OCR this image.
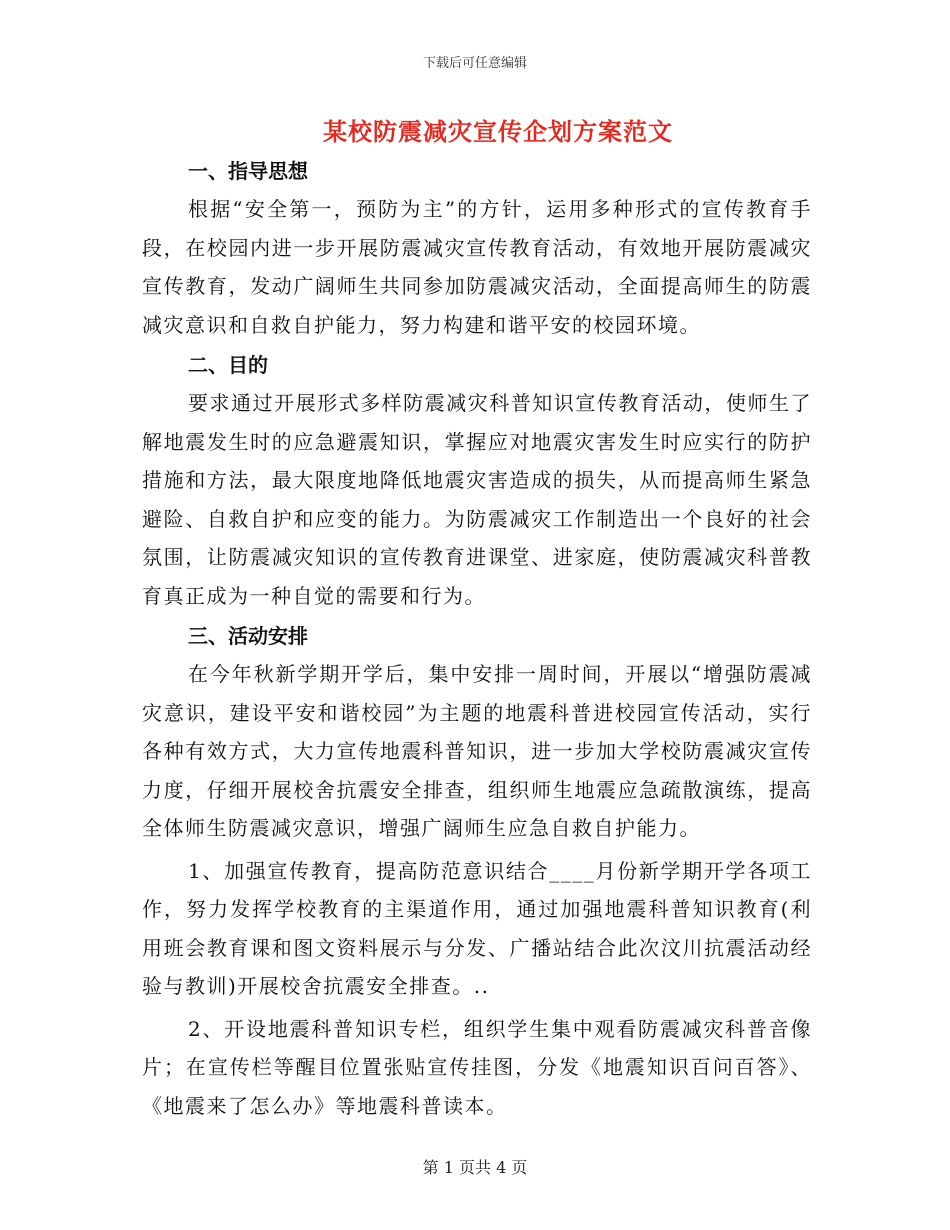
下载后可任意编辑
某校防震减灾宣传企划方案范文

一、指导思想

根据“安全第一，预防为主”的方针，运用多种形式的宣传教育手段，在校园内进一步开展防震减灾宣传教育活动，有效地开展防震减灾宣传教育，发动广阔师生共同参加防震减灾活动，全面提高师生的防震减灾意识和自救自护能力，努力构建和谐平安的校园环境。

二、目的

要求通过开展形式多样防震减灾科普知识宣传教育活动，使师生了解地震发生时的应急避震知识，掌握应对地震灾害发生时应实行的防护措施和方法，最大限度地降低地震灾害造成的损失，从而提高师生紧急避险、自救自护和应变的能力。为防震减灾工作制造出一个良好的社会氛围，让防震减灾知识的宣传教育进课堂、进家庭，使防震减灾科普教育真正成为一种自觉的需要和行为。

三、活动安排

在今年秋新学期开学后，集中安排一周时间，开展以“增强防震减灾意识，建设平安和谐校园”为主题的地震科普进校园宣传活动，实行各种有效方式，大力宣传地震科普知识，进一步加大学校防震减灾宣传力度，仔细开展校舍抗震安全排查，组织师生地震应急疏散演练，提高全体师生防震减灾意识，增强广阔师生应急自救自护能力。

1、加强宣传教育，提高防范意识结合____月份新学期开学各项工作，努力发挥学校教育的主渠道作用，通过加强地震科普知识教育(利用班会教育课和图文资料展示与分发、广播站结合此次汶川抗震活动经验与教训)开展校舍抗震安全排查。..

2、开设地震科普知识专栏，组织学生集中观看防震减灾科普音像片；在宣传栏等醒目位置张贴宣传挂图，分发《地震知识百问百答》、《地震来了怎么办》等地震科普读本。

第 1 页共 4 页
